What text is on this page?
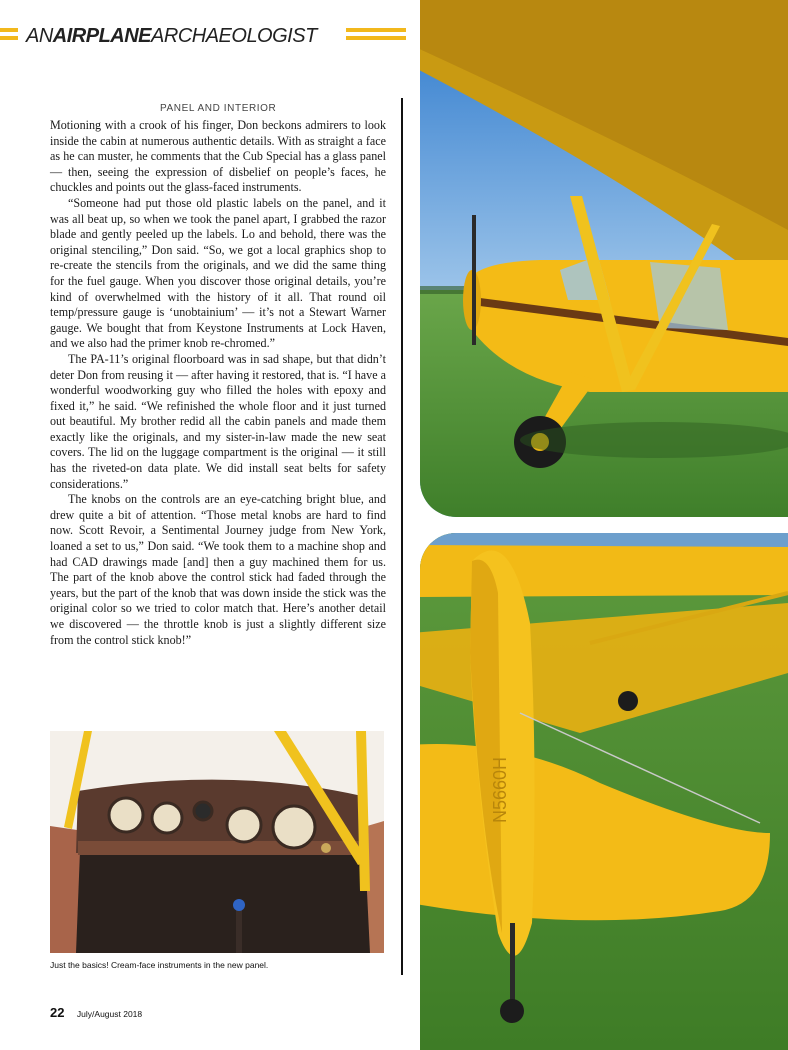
ANAIRPLANEARCHAEOLOGIST
PANEL AND INTERIOR

Motioning with a crook of his finger, Don beckons admirers to look inside the cabin at numerous authentic details. With as straight a face as he can muster, he comments that the Cub Special has a glass panel — then, seeing the expression of disbelief on people’s faces, he chuckles and points out the glass-faced instruments.

“Someone had put those old plastic labels on the panel, and it was all beat up, so when we took the panel apart, I grabbed the razor blade and gently peeled up the labels. Lo and behold, there was the original stenciling,” Don said. “So, we got a local graphics shop to re-create the stencils from the originals, and we did the same thing for the fuel gauge. When you discover those original details, you’re kind of overwhelmed with the history of it all. That round oil temp/pressure gauge is ‘unobtainium’ — it’s not a Stewart Warner gauge. We bought that from Keystone Instruments at Lock Haven, and we also had the primer knob re-chromed.”

The PA-11’s original floorboard was in sad shape, but that didn’t deter Don from reusing it — after having it restored, that is. “I have a wonderful woodworking guy who filled the holes with epoxy and fixed it,” he said. “We refinished the whole floor and it just turned out beautiful. My brother redid all the cabin panels and made them exactly like the originals, and my sister-in-law made the new seat covers. The lid on the luggage compartment is the original — it still has the riveted-on data plate. We did install seat belts for safety considerations.”

The knobs on the controls are an eye-catching bright blue, and drew quite a bit of attention. “Those metal knobs are hard to find now. Scott Revoir, a Sentimental Journey judge from New York, loaned a set to us,” Don said. “We took them to a machine shop and had CAD drawings made [and] then a guy machined them for us. The part of the knob above the control stick had faded through the years, but the part of the knob that was down inside the stick was the original color so we tried to color match that. Here’s another detail we discovered — the throttle knob is just a slightly different size from the control stick knob!”

Just the basics! Cream-face instruments in the new panel.
22 July/August 2018
N5660H
